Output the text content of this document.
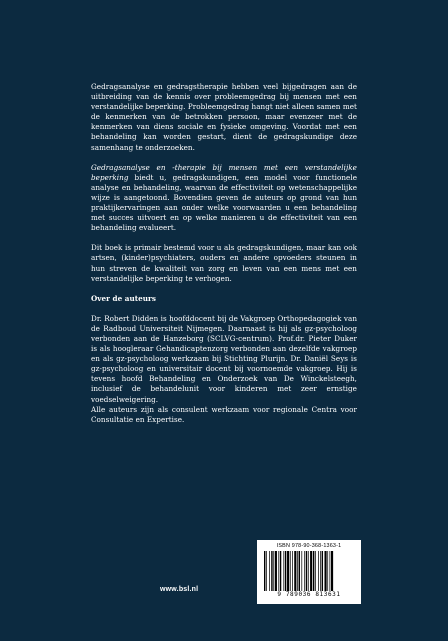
Gedragsanalyse en gedragstherapie hebben veel bijgedragen aan de uitbreiding van de kennis over probleemgedrag bij mensen met een verstandelijke beperking. Probleemgedrag hangt niet alleen samen met de kenmerken van de betrokken persoon, maar evenzeer met de kenmerken van diens sociale en fysieke omgeving. Voordat met een behandeling kan worden gestart, dient de gedragskundige deze samenhang te onderzoeken.

Gedragsanalyse en -therapie bij mensen met een verstandelijke beperking biedt u, gedragskundigen, een model voor functionele analyse en behandeling, waarvan de effectiviteit op wetenschappelijke wijze is aangetoond. Bovendien geven de auteurs op grond van hun praktijkervaringen aan onder welke voorwaarden u een behandeling met succes uitvoert en op welke manieren u de effectiviteit van een behandeling evalueert.

Dit boek is primair bestemd voor u als gedragskundigen, maar kan ook artsen, (kinder)psychiaters, ouders en andere opvoeders steunen in hun streven de kwaliteit van zorg en leven van een mens met een verstandelijke beperking te verhogen.

Over de auteurs

Dr. Robert Didden is hoofddocent bij de Vakgroep Orthopedagogiek van de Radboud Universiteit Nijmegen. Daarnaast is hij als gz-psycholoog verbonden aan de Hanzeborg (SCLVG-centrum). Prof.dr. Pieter Duker is als hoogleraar Gehandicaptenzorg verbonden aan dezelfde vakgroep en als gz-psycholoog werkzaam bij Stichting Plurijn. Dr. Daniël Seys is gz-psycholoog en universitair docent bij voornoemde vakgroep. Hij is tevens hoofd Behandeling en Onderzoek van De Winckelsteegh, inclusief de behandelunit voor kinderen met zeer ernstige voedselweigering.

Alle auteurs zijn als consulent werkzaam voor regionale Centra voor Consultatie en Expertise.

www.bsl.nl
ISBN 978-90-368-1363-1
9 789036 813631
